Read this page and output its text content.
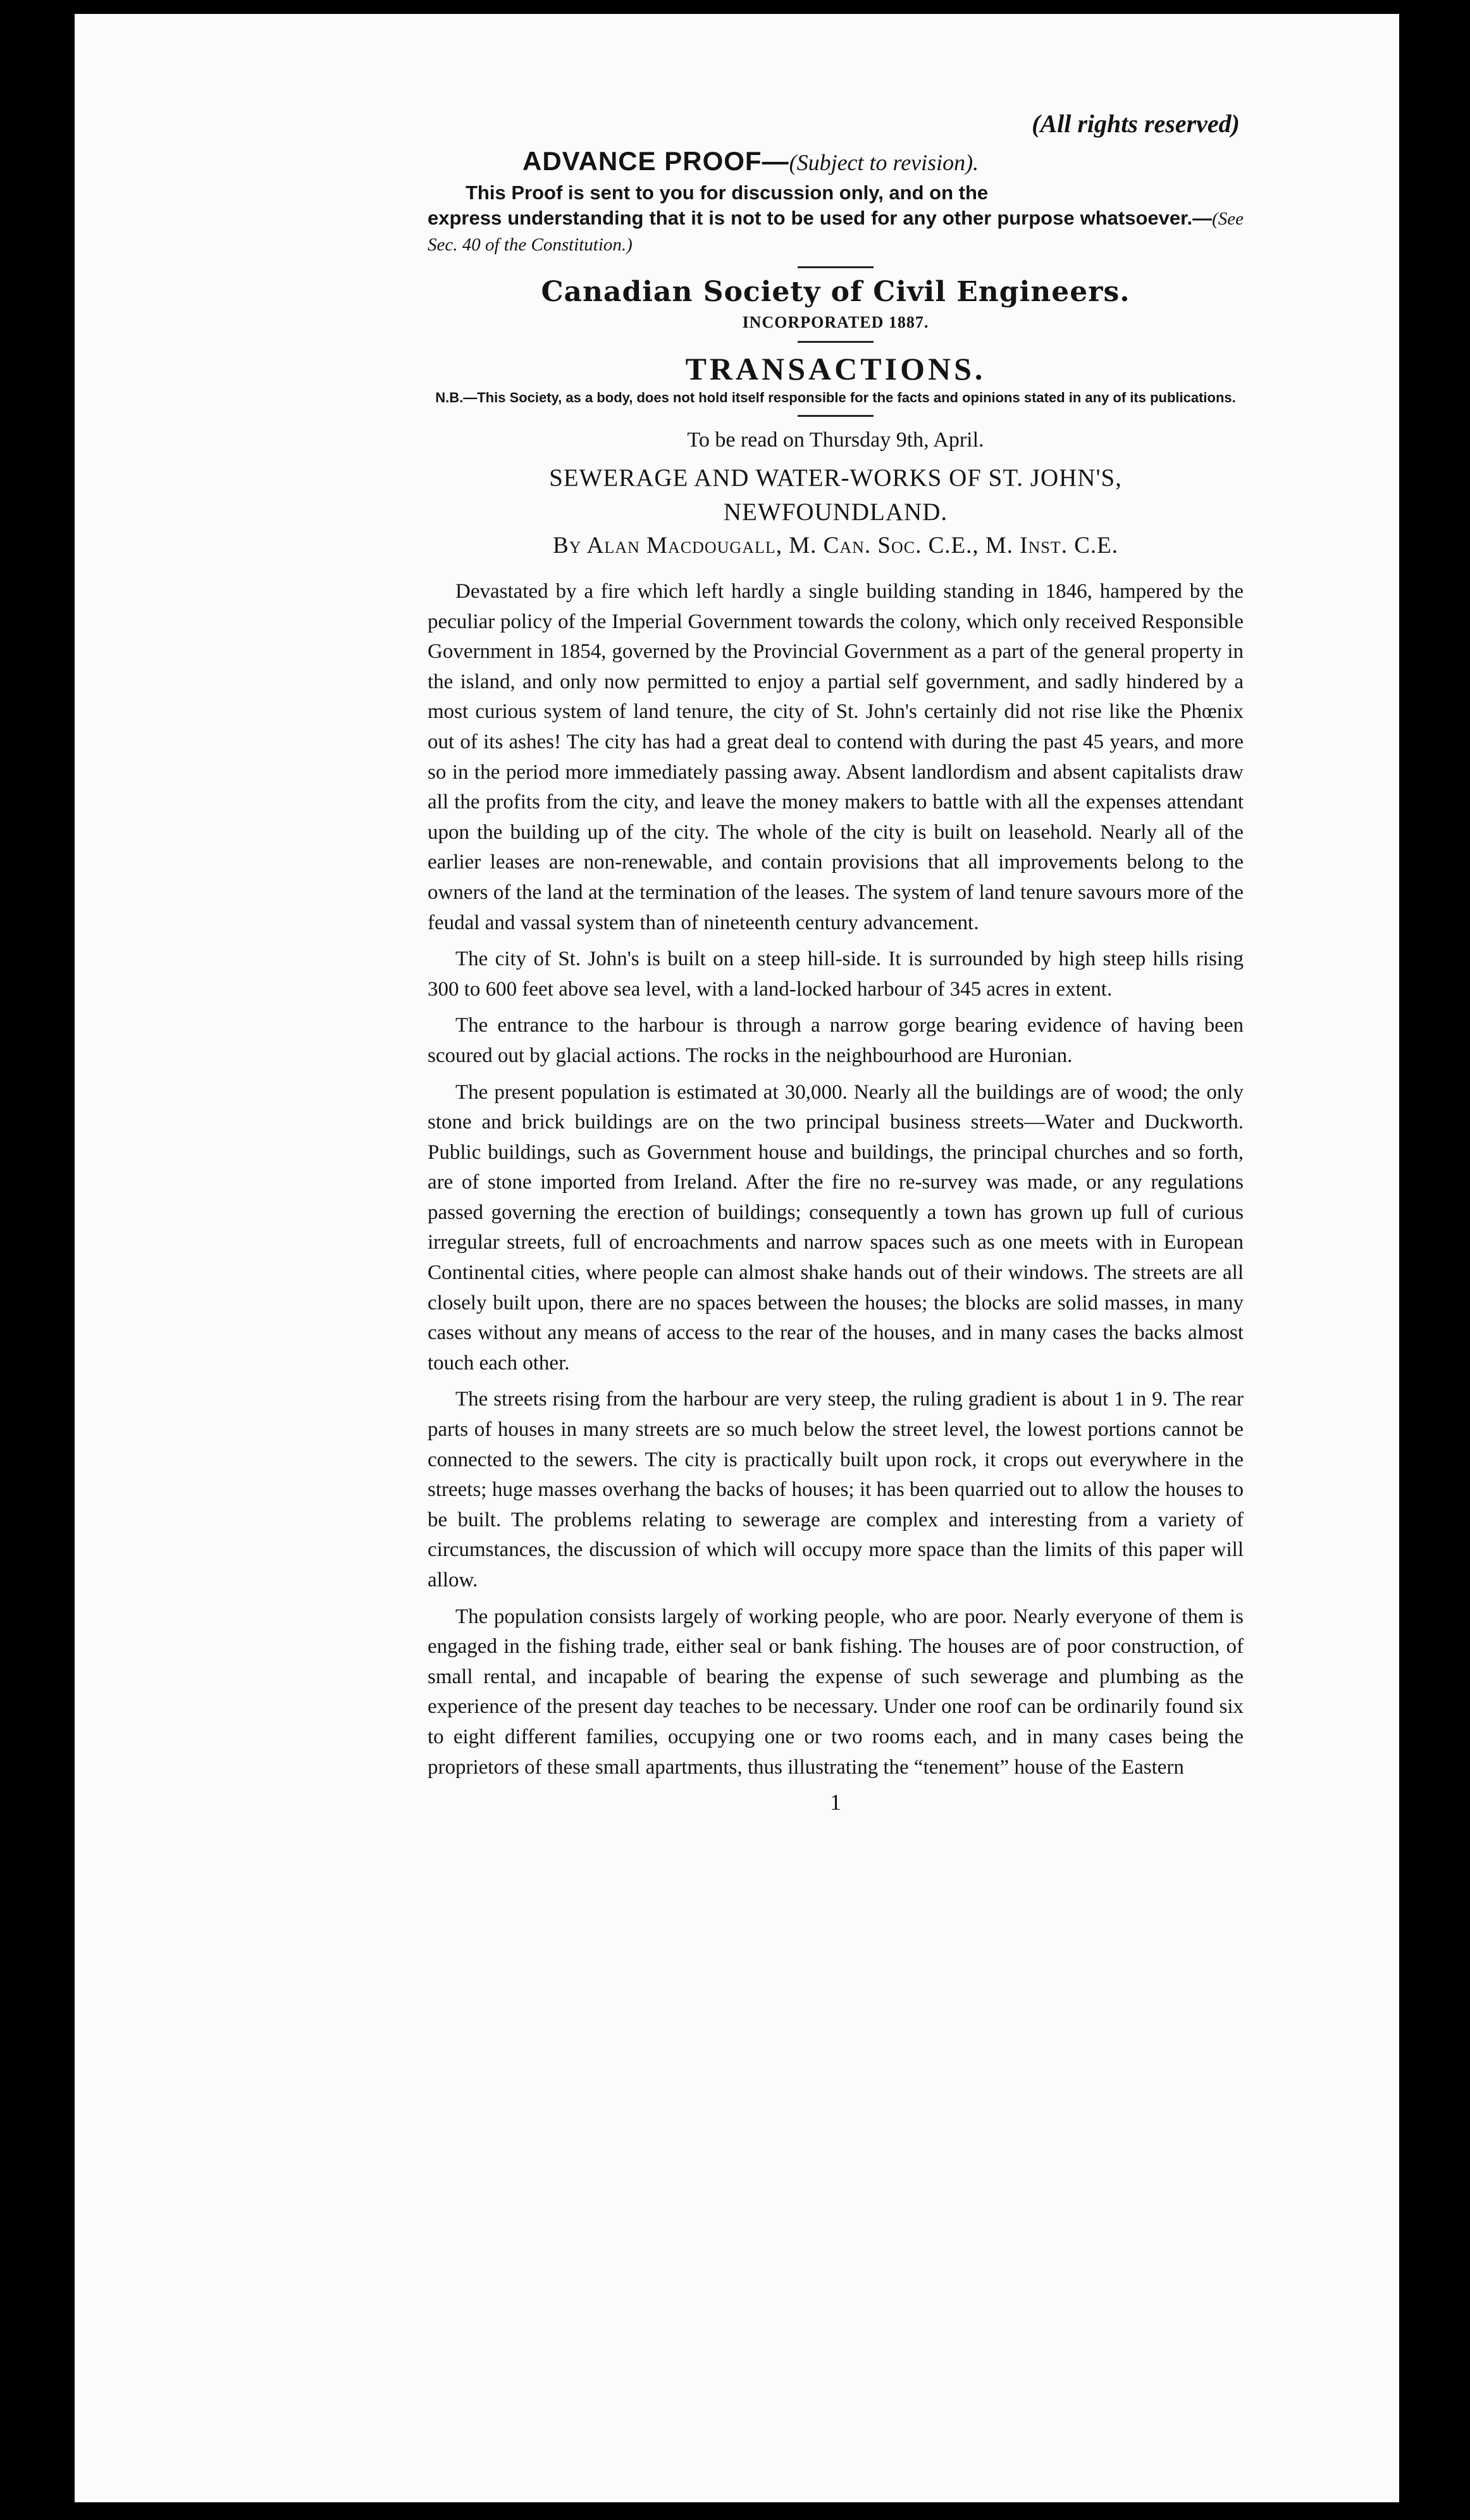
(All rights reserved)
ADVANCE PROOF—(Subject to revision).
This Proof is sent to you for discussion only, and on the
express understanding that it is not to be used for any other purpose whatsoever.—(See Sec. 40 of the Constitution.)
Canadian Society of Civil Engineers.
INCORPORATED 1887.
TRANSACTIONS.
N.B.—This Society, as a body, does not hold itself responsible for the facts and opinions stated in any of its publications.
To be read on Thursday 9th, April.
SEWERAGE AND WATER-WORKS OF ST. JOHN'S,
NEWFOUNDLAND.
By Alan Macdougall, M. Can. Soc. C.E., M. Inst. C.E.

Devastated by a fire which left hardly a single building standing in 1846, hampered by the peculiar policy of the Imperial Government towards the colony, which only received Responsible Government in 1854, governed by the Provincial Government as a part of the general property in the island, and only now permitted to enjoy a partial self government, and sadly hindered by a most curious system of land tenure, the city of St. John's certainly did not rise like the Phœnix out of its ashes! The city has had a great deal to contend with during the past 45 years, and more so in the period more immediately passing away. Absent landlordism and absent capitalists draw all the profits from the city, and leave the money makers to battle with all the expenses attendant upon the building up of the city. The whole of the city is built on leasehold. Nearly all of the earlier leases are non-renewable, and contain provisions that all improvements belong to the owners of the land at the termination of the leases. The system of land tenure savours more of the feudal and vassal system than of nineteenth century advancement.

The city of St. John's is built on a steep hill-side. It is surrounded by high steep hills rising 300 to 600 feet above sea level, with a land-locked harbour of 345 acres in extent.

The entrance to the harbour is through a narrow gorge bearing evidence of having been scoured out by glacial actions. The rocks in the neighbourhood are Huronian.

The present population is estimated at 30,000. Nearly all the buildings are of wood; the only stone and brick buildings are on the two principal business streets—Water and Duckworth. Public buildings, such as Government house and buildings, the principal churches and so forth, are of stone imported from Ireland. After the fire no re-survey was made, or any regulations passed governing the erection of buildings; consequently a town has grown up full of curious irregular streets, full of encroachments and narrow spaces such as one meets with in European Continental cities, where people can almost shake hands out of their windows. The streets are all closely built upon, there are no spaces between the houses; the blocks are solid masses, in many cases without any means of access to the rear of the houses, and in many cases the backs almost touch each other.

The streets rising from the harbour are very steep, the ruling gradient is about 1 in 9. The rear parts of houses in many streets are so much below the street level, the lowest portions cannot be connected to the sewers. The city is practically built upon rock, it crops out everywhere in the streets; huge masses overhang the backs of houses; it has been quarried out to allow the houses to be built. The problems relating to sewerage are complex and interesting from a variety of circumstances, the discussion of which will occupy more space than the limits of this paper will allow.

The population consists largely of working people, who are poor. Nearly everyone of them is engaged in the fishing trade, either seal or bank fishing. The houses are of poor construction, of small rental, and incapable of bearing the expense of such sewerage and plumbing as the experience of the present day teaches to be necessary. Under one roof can be ordinarily found six to eight different families, occupying one or two rooms each, and in many cases being the proprietors of these small apartments, thus illustrating the “tenement” house of the Eastern

1
